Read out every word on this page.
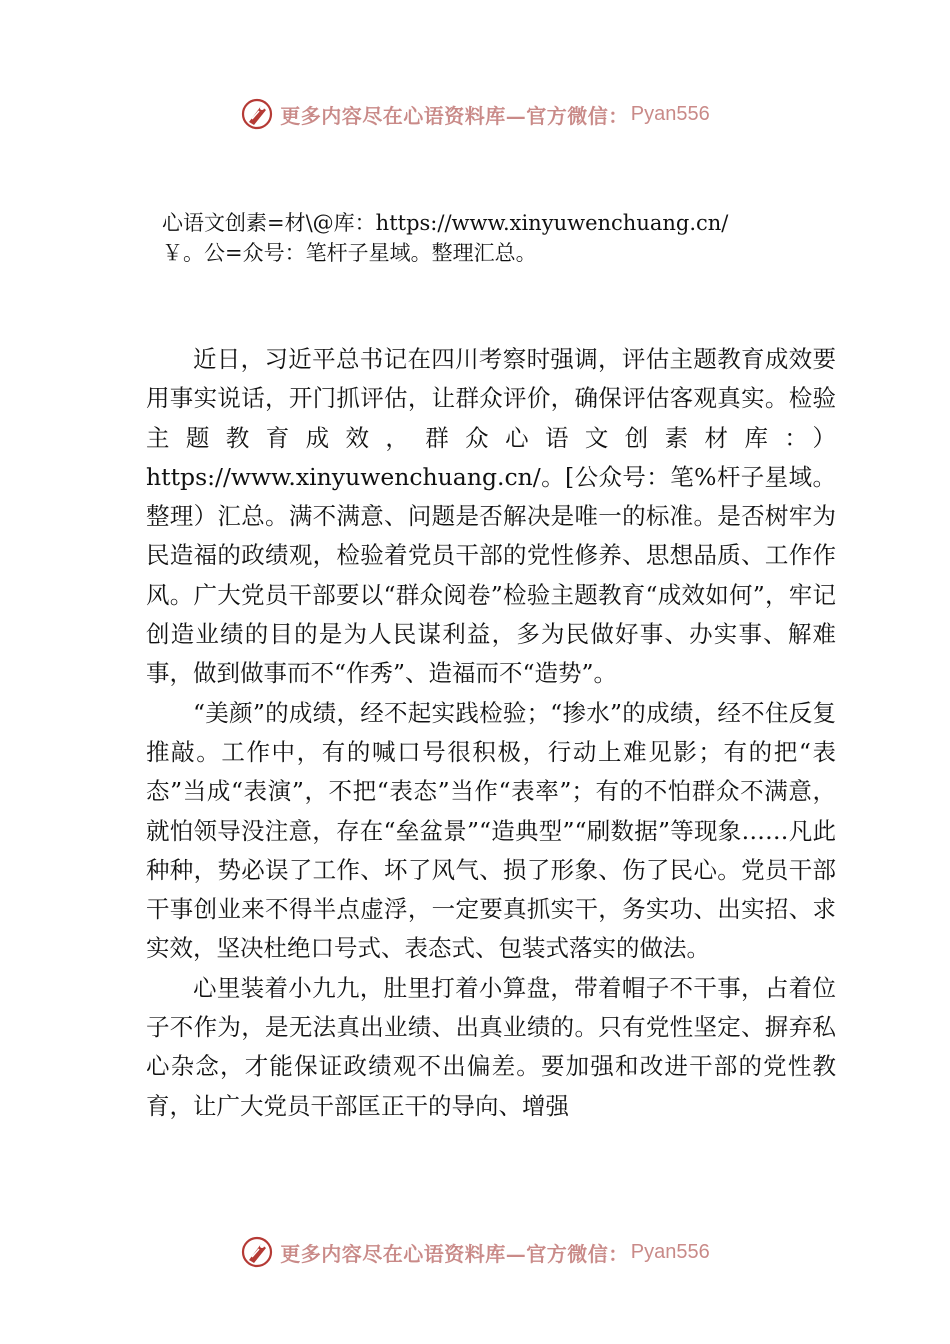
更多内容尽在心语资料库—官方微信： Pyan556

心语文创素=材\@库：https://www.xinyuwenchuang.cn/

￥。公=众号：笔杆子星域。整理汇总。

近日，习近平总书记在四川考察时强调，评估主题教育成效要用事实说话，开门抓评估，让群众评价，确保评估客观真实。检验主题教育成效，群众心语文创素材库：）https://www.xinyuwenchuang.cn/。[公众号：笔%杆子星域。整理）汇总。满不满意、问题是否解决是唯一的标准。是否树牢为民造福的政绩观，检验着党员干部的党性修养、思想品质、工作作风。广大党员干部要以“群众阅卷”检验主题教育“成效如何”，牢记创造业绩的目的是为人民谋利益，多为民做好事、办实事、解难事，做到做事而不“作秀”、造福而不“造势”。

“美颜”的成绩，经不起实践检验；“掺水”的成绩，经不住反复推敲。工作中，有的喊口号很积极，行动上难见影；有的把“表态”当成“表演”，不把“表态”当作“表率”；有的不怕群众不满意，就怕领导没注意，存在“垒盆景”“造典型”“刷数据”等现象……凡此种种，势必误了工作、坏了风气、损了形象、伤了民心。党员干部干事创业来不得半点虚浮，一定要真抓实干，务实功、出实招、求实效，坚决杜绝口号式、表态式、包装式落实的做法。

心里装着小九九，肚里打着小算盘，带着帽子不干事，占着位子不作为，是无法真出业绩、出真业绩的。只有党性坚定、摒弃私心杂念，才能保证政绩观不出偏差。要加强和改进干部的党性教育，让广大党员干部匡正干的导向、增强

更多内容尽在心语资料库—官方微信： Pyan556
